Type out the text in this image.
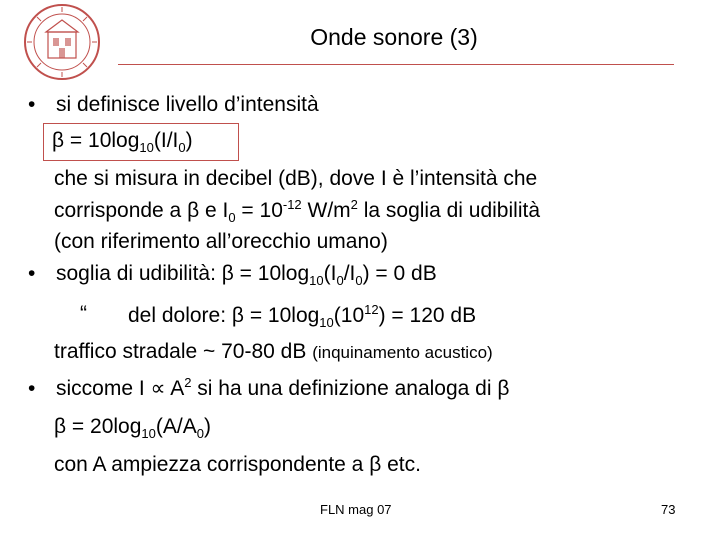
Onde sonore (3)
• si definisce livello d’intensità
$\beta = 10\log_{10}(I/I_0)$
che si misura in decibel (dB), dove I è l’intensità che
corrisponde a β e $I_0 = 10^{-12}$ $W/m^2$ la soglia di udibilità
(con riferimento all’orecchio umano)
• soglia di udibilità: $\beta = 10\log_{10}(I_0/I_0) = 0$ dB
“ del dolore: $\beta = 10\log_{10}(10^{12}) = 120$ dB
traffico stradale ~ 70-80 dB (inquinamento acustico)
• siccome $I \propto A^2$ si ha una definizione analoga di β
$\beta = 20\log_{10}(A/A_0)$
con A ampiezza corrispondente a β etc.
FLN mag 07	73
